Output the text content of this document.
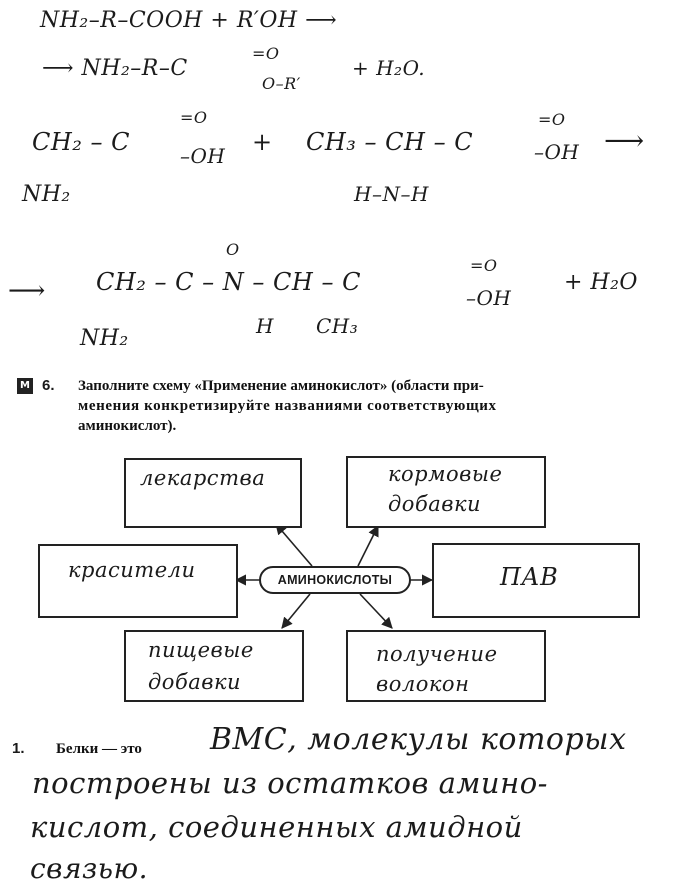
NH₂–R–COOH + R′OH ⟶
⟶ NH₂–R–C
=O
O–R′
+ H₂O.
CH₂ – C
=O
–OH + CH₃ – CH – C
=O
–OH ⟶
NH₂	H–N–H
⟶
O
CH₂ – C – N – CH – C
=O
–OH
+ H₂O
NH₂	H CH₃
M 6. Заполните схему «Применение аминокислот» (области при-
менения конкретизируйте названиями соответствующих
аминокислот).
лекарства	кормовые
добавки
красители	ПАВ
пищевые
добавки
получение
волокон
АМИНОКИСЛОТЫ
1. Белки — это ВМС, молекулы которых
построены из остатков амино-
кислот, соединенных амидной
связью.
